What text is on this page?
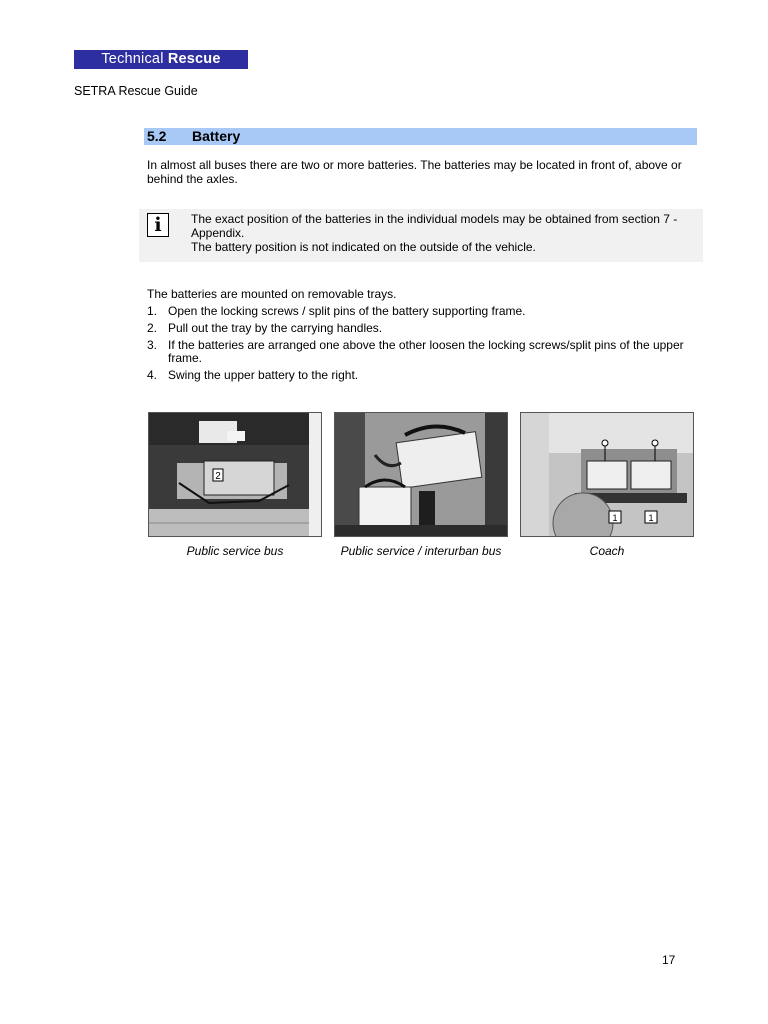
Technical Rescue
SETRA Rescue Guide
5.2 Battery
In almost all buses there are two or more batteries. The batteries may be located in front of, above or behind the axles.
i	The exact position of the batteries in the individual models may be obtained from section 7 - Appendix.

The battery position is not indicated on the outside of the vehicle.

The batteries are mounted on removable trays.
1. Open the locking screws / split pins of the battery supporting frame.
2. Pull out the tray by the carrying handles.
3. If the batteries are arranged one above the other loosen the locking screws/split pins of the upper frame.
4. Swing the upper battery to the right.
2
1	1
Public service bus	Public service / interurban bus	Coach
17
